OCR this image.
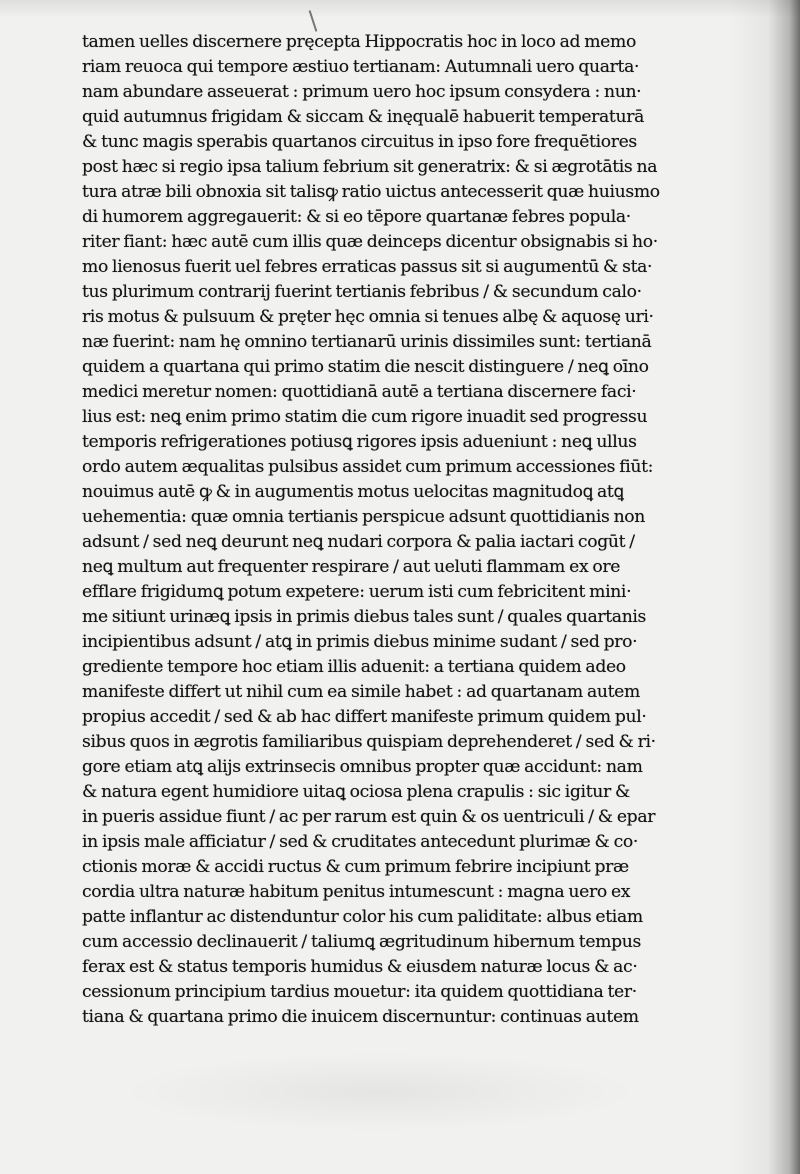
tamen uelles discernere pręcepta Hippocratis hoc in loco ad memo
riam reuoca qui tempore æstiuo tertianam: Autumnali uero quarta·
nam abundare asseuerat : primum uero hoc ipsum consydera : nun·
quid autumnus frigidam & siccam & inęqualē habuerit temperaturā
& tunc magis sperabis quartanos circuitus in ipso fore frequētiores
post hæc si regio ipsa talium febrium sit generatrix: & si ægrotātis na
tura atræ bili obnoxia sit talisꝙ ratio uictus antecesserit quæ huiusmo
di humorem aggregauerit: & si eo tēpore quartanæ febres popula·
riter fiant: hæc autē cum illis quæ deinceps dicentur obsignabis si ho·
mo lienosus fuerit uel febres erraticas passus sit si augumentū & sta·
tus plurimum contrarij fuerint tertianis febribus / & secundum calo·
ris motus & pulsuum & pręter hęc omnia si tenues albę & aquosę uri·
næ fuerint: nam hę omnino tertianarū urinis dissimiles sunt: tertianā
quidem a quartana qui primo statim die nescit distinguere / neꝗ oīno
medici meretur nomen: quottidianā autē a tertiana discernere faci·
lius est: neꝗ enim primo statim die cum rigore inuadit sed progressu
temporis refrigerationes potiusꝗ rigores ipsis adueniunt : neꝗ ullus
ordo autem æqualitas pulsibus assidet cum primum accessiones fiūt:
nouimus autē ꝙ & in augumentis motus uelocitas magnitudoꝗ atꝗ
uehementia: quæ omnia tertianis perspicue adsunt quottidianis non
adsunt / sed neꝗ deurunt neꝗ nudari corpora & palia iactari cogūt /
neꝗ multum aut frequenter respirare / aut ueluti flammam ex ore
efflare frigidumꝗ potum expetere: uerum isti cum febricitent mini·
me sitiunt urinæꝗ ipsis in primis diebus tales sunt / quales quartanis
incipientibus adsunt / atꝗ in primis diebus minime sudant / sed pro·
grediente tempore hoc etiam illis aduenit: a tertiana quidem adeo
manifeste differt ut nihil cum ea simile habet : ad quartanam autem
propius accedit / sed & ab hac differt manifeste primum quidem pul·
sibus quos in ægrotis familiaribus quispiam deprehenderet / sed & ri·
gore etiam atꝗ alijs extrinsecis omnibus propter quæ accidunt: nam
& natura egent humidiore uitaꝗ ociosa plena crapulis : sic igitur &
in pueris assidue fiunt / ac per rarum est quin & os uentriculi / & epar
in ipsis male afficiatur / sed & cruditates antecedunt plurimæ & co·
ctionis moræ & accidi ructus & cum primum febrire incipiunt præ
cordia ultra naturæ habitum penitus intumescunt : magna uero ex
patte inflantur ac distenduntur color his cum paliditate: albus etiam
cum accessio declinauerit / taliumꝗ ægritudinum hibernum tempus
ferax est & status temporis humidus & eiusdem naturæ locus & ac·
cessionum principium tardius mouetur: ita quidem quottidiana ter·
tiana & quartana primo die inuicem discernuntur: continuas autem
